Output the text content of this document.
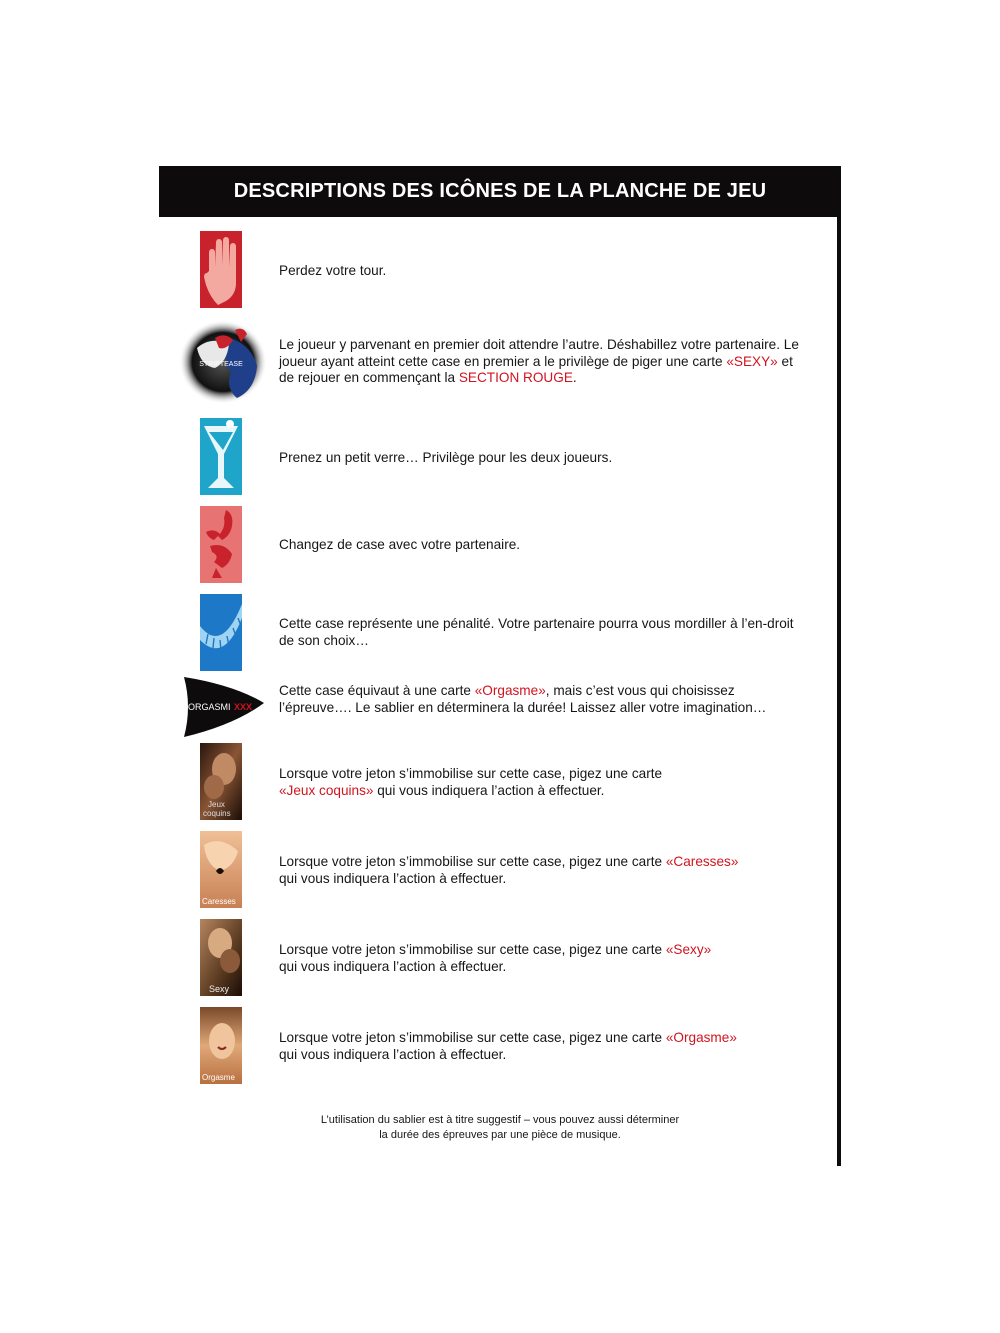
DESCRIPTIONS DES ICÔNES DE LA PLANCHE DE JEU
Perdez votre tour.
STRIPTEASE
Le joueur y parvenant en premier doit attendre l’autre. Déshabillez votre partenaire. Le joueur ayant atteint cette case en premier a le privilège de piger une carte «SEXY» et de rejouer en commençant la SECTION ROUGE.
Prenez un petit verre… Privilège pour les deux joueurs.
Changez de case avec votre partenaire.
Cette case représente une pénalité. Votre partenaire pourra vous mordiller à l’en-droit de son choix…
ORGASMI XXX
Cette case équivaut à une carte «Orgasme», mais c’est vous qui choisissez l’épreuve…. Le sablier en déterminera la durée! Laissez aller votre imagination…
Jeux
coquins
Lorsque votre jeton s’immobilise sur cette case, pigez une carte
«Jeux coquins» qui vous indiquera l’action à effectuer.
Caresses
Lorsque votre jeton s’immobilise sur cette case, pigez une carte «Caresses»
qui vous indiquera l’action à effectuer.
Sexy
Lorsque votre jeton s’immobilise sur cette case, pigez une carte «Sexy»
qui vous indiquera l’action à effectuer.
Orgasme
Lorsque votre jeton s’immobilise sur cette case, pigez une carte «Orgasme»
qui vous indiquera l’action à effectuer.

L’utilisation du sablier est à titre suggestif – vous pouvez aussi déterminer

la durée des épreuves par une pièce de musique.
